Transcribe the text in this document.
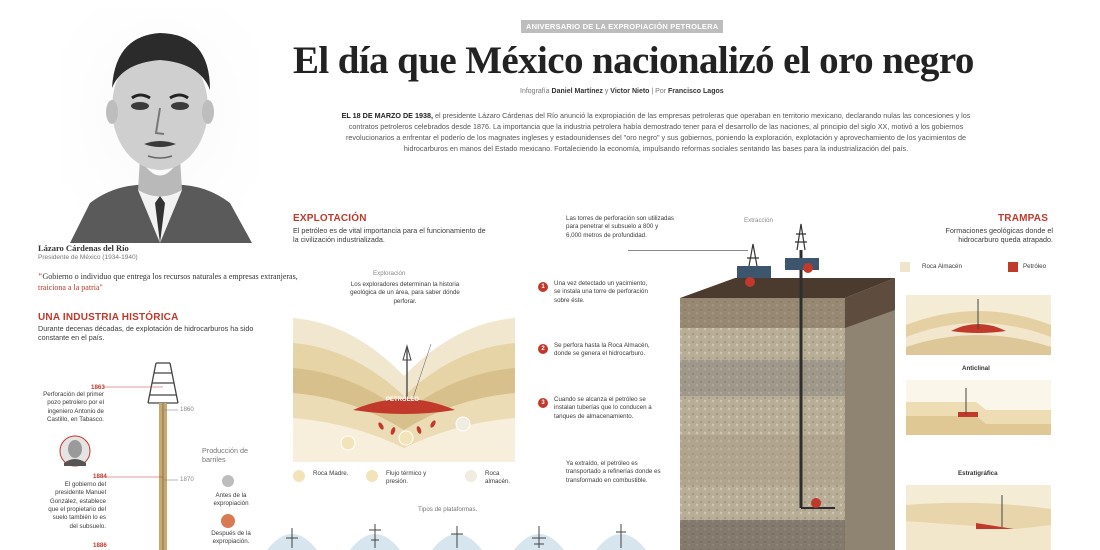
Lázaro Cárdenas del Río
Presidente de México (1934-1940)
"Gobierno o individuo que entrega los recursos naturales a empresas extranjeras, traiciona a la patria"
UNA INDUSTRIA HISTÓRICA
Durante decenas décadas, de explotación de hidrocarburos ha sido constante en el país.
1863
Perforación del primer pozo petrolero por el ingeniero Antonio de Castillo, en Tabasco.
1884
El gobierno del presidente Manuel González, establece que el propietario del suelo también lo es del subsuelo.
1886
1860
1870
Producción de barriles
Antes de la expropiación
Después de la expropiación.
ANIVERSARIO DE LA EXPROPIACIÓN PETROLERA
El día que México nacionalizó el oro negro
Infografía Daniel Martínez y Victor Nieto | Por Francisco Lagos
EL 18 DE MARZO DE 1938, el presidente Lázaro Cárdenas del Río anunció la expropiación de las empresas petroleras que operaban en territorio mexicano, declarando nulas las concesiones y los contratos petroleros celebrados desde 1876. La importancia que la industria petrolera había demostrado tener para el desarrollo de las naciones, al principio del siglo XX, motivó a los gobiernos revolucionarios a enfrentar el poderío de los magnates ingleses y estadounidenses del "oro negro" y sus gobiernos, poniendo la exploración, explotación y aprovechamiento de los yacimientos de hidrocarburos en manos del Estado mexicano. Fortaleciendo la economía, impulsando reformas sociales sentando las bases para la industrialización del país.
EXPLOTACIÓN
El petróleo es de vital importancia para el funcionamiento de la civilización industrializada.
Exploración
Los exploradores determinan la historia geológica de un área, para saber dónde perforar.
PETRÓLEO
Roca Madre.	Flujo térmico y presión.
Roca almacén.
Tipos de plataformas.
Extracción
Las torres de perforación son utilizadas para penetrar el subsuelo a 800 y 6,000 metros de profundidad.
1	Una vez detectado un yacimiento, se instala una torre de perforación sobre éste.
2	Se perfora hasta la Roca Almacén, donde se genera el hidrocarburo.
3	Cuando se alcanza el petróleo se instalan tuberías que lo conducen a tanques de almacenamiento.
Ya extraído, el petróleo es transportado a refinerías donde es transformado en combustible.
TRAMPAS
Formaciones geológicas donde el hidrocarburo queda atrapado.
Roca Almacén	Petróleo
Anticlinal
Estratigráfica
